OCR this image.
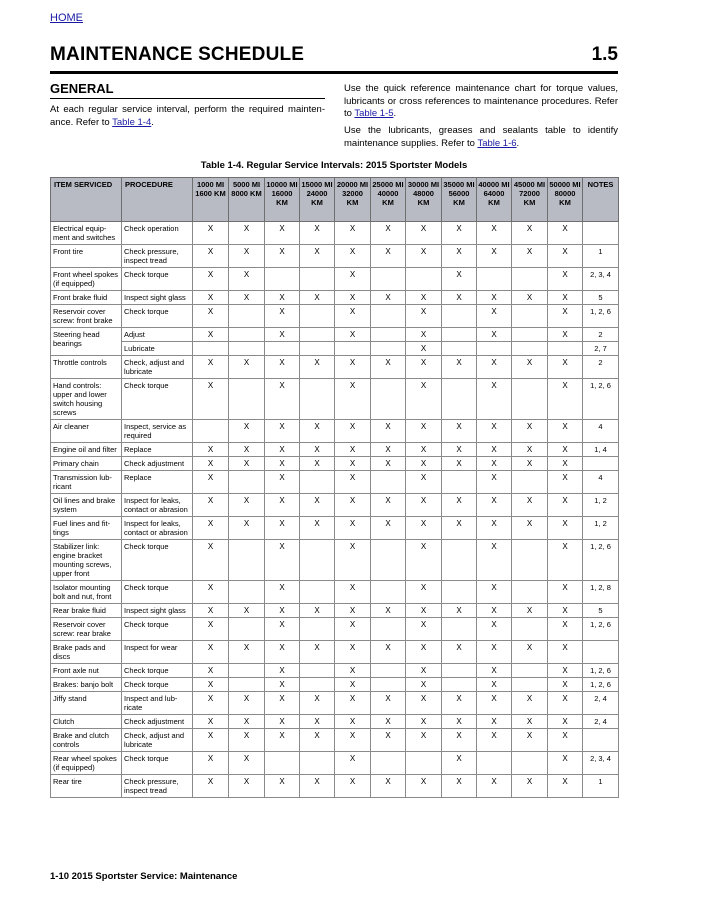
HOME
MAINTENANCE SCHEDULE	1.5
GENERAL
At each regular service interval, perform the required mainten-ance. Refer to Table 1-4.
Use the quick reference maintenance chart for torque values, lubricants or cross references to maintenance procedures. Refer to Table 1-5.
Use the lubricants, greases and sealants table to identify maintenance supplies. Refer to Table 1-6.
Table 1-4. Regular Service Intervals: 2015 Sportster Models
ITEM SERVICED	PROCEDURE	1000 MI 1600 KM	5000 MI 8000 KM	10000 MI 16000 KM	15000 MI 24000 KM	20000 MI 32000 KM	25000 MI 40000 KM	30000 MI 48000 KM	35000 MI 56000 KM	40000 MI 64000 KM	45000 MI 72000 KM	50000 MI 80000 KM	NOTES
Electrical equip-ment and switches	Check operation	X	X	X	X	X	X	X	X	X	X	X	
Front tire	Check pressure, inspect tread	X	X	X	X	X	X	X	X	X	X	X	1
Front wheel spokes (if equipped)	Check torque	X	X			X			X			X	2, 3, 4
Front brake fluid	Inspect sight glass	X	X	X	X	X	X	X	X	X	X	X	5
Reservoir cover screw: front brake	Check torque	X		X		X		X		X		X	1, 2, 6
Steering head bearings	Adjust	X		X		X		X		X		X	2
	Lubricate							X					2, 7
Throttle controls	Check, adjust and lubricate	X	X	X	X	X	X	X	X	X	X	X	2
Hand controls: upper and lower switch housing screws	Check torque	X		X		X		X		X		X	1, 2, 6
Air cleaner	Inspect, service as required		X	X	X	X	X	X	X	X	X	X	4
Engine oil and filter	Replace	X	X	X	X	X	X	X	X	X	X	X	1, 4
Primary chain	Check adjustment	X	X	X	X	X	X	X	X	X	X	X	
Transmission lub-ricant	Replace	X		X		X		X		X		X	4
Oil lines and brake system	Inspect for leaks, contact or abrasion	X	X	X	X	X	X	X	X	X	X	X	1, 2
Fuel lines and fit-tings	Inspect for leaks, contact or abrasion	X	X	X	X	X	X	X	X	X	X	X	1, 2
Stabilizer link: engine bracket mounting screws, upper front	Check torque	X		X		X		X		X		X	1, 2, 6
Isolator mounting bolt and nut, front	Check torque	X		X		X		X		X		X	1, 2, 8
Rear brake fluid	Inspect sight glass	X	X	X	X	X	X	X	X	X	X	X	5
Reservoir cover screw: rear brake	Check torque	X		X		X		X		X		X	1, 2, 6
Brake pads and discs	Inspect for wear	X	X	X	X	X	X	X	X	X	X	X	
Front axle nut	Check torque	X		X		X		X		X		X	1, 2, 6
Brakes: banjo bolt	Check torque	X		X		X		X		X		X	1, 2, 6
Jiffy stand	Inspect and lub-ricate	X	X	X	X	X	X	X	X	X	X	X	2, 4
Clutch	Check adjustment	X	X	X	X	X	X	X	X	X	X	X	2, 4
Brake and clutch controls	Check, adjust and lubricate	X	X	X	X	X	X	X	X	X	X	X	
Rear wheel spokes (if equipped)	Check torque	X	X			X			X			X	2, 3, 4
Rear tire	Check pressure, inspect tread	X	X	X	X	X	X	X	X	X	X	X	1
1-10 2015 Sportster Service: Maintenance
